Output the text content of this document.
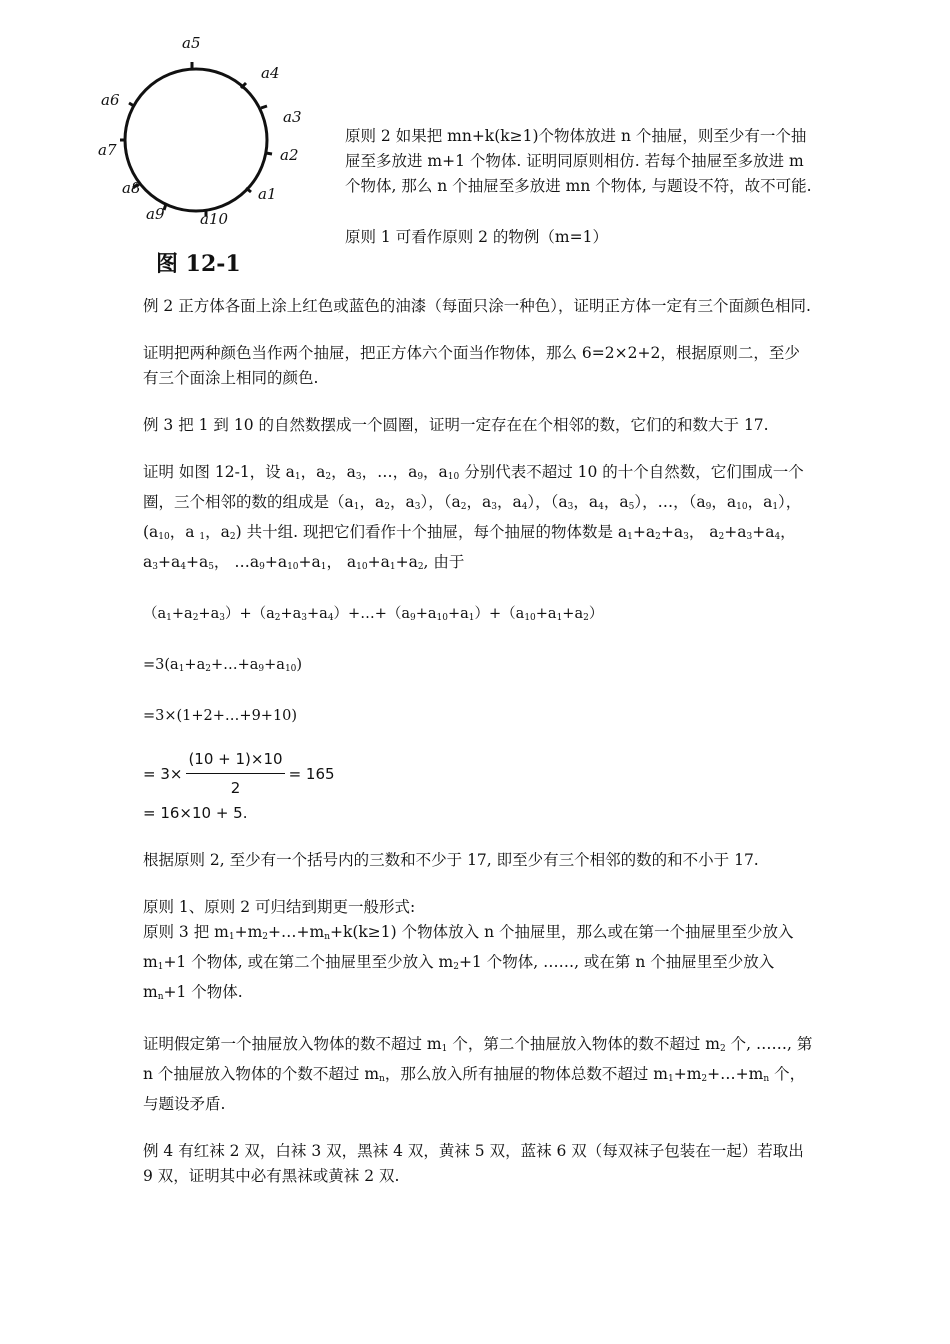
a5
a4
a3
a2
a1
a10
a9
a8
a7
a6
图 12-1

原则 2 如果把 mn+k(k≥1)个物体放进 n 个抽屉，则至少有一个抽屉至多放进 m+1 个物体. 证明同原则相仿. 若每个抽屉至多放进 m 个物体, 那么 n 个抽屉至多放进 mn 个物体, 与题设不符，故不可能.

原则 1 可看作原则 2 的物例（m=1）

例 2 正方体各面上涂上红色或蓝色的油漆（每面只涂一种色），证明正方体一定有三个面颜色相同.

证明把两种颜色当作两个抽屉，把正方体六个面当作物体，那么 6=2×2+2，根据原则二，至少有三个面涂上相同的颜色.

例 3 把 1 到 10 的自然数摆成一个圆圈，证明一定存在在个相邻的数，它们的和数大于 17.

证明 如图 12-1，设 $a_1$，$a_2$，$a_3$，…，$a_9$，$a_{10}$ 分别代表不超过 10 的十个自然数，它们围成一个圈，三个相邻的数的组成是（$a_1$，$a_2$，$a_3$），（$a_2$，$a_3$，$a_4$），（$a_3$，$a_4$，$a_5$），…，（$a_9$，$a_{10}$，$a_1$），($a_{10}$，a $_1$，$a_2$) 共十组. 现把它们看作十个抽屉，每个抽屉的物体数是 $a_1+a_2+a_3$， $a_2+a_3+a_4$， $a_3+a_4+a_5$， $\dots a_9+a_{10}+a_1$， $a_{10}+a_1+a_2$, 由于

$(a_1+a_2+a_3)+(a_2+a_3+a_4)+\dots+(a_9+a_{10}+a_1)+(a_{10}+a_1+a_2)$

$=3(a_1+a_2+\dots+a_9+a_{10})$

=3×(1+2+…+9+10)

= $3\times \frac{(10 + 1)\times 10}{2} = 165$

= 16×10 + 5.

根据原则 2, 至少有一个括号内的三数和不少于 17, 即至少有三个相邻的数的和不小于 17.

原则 1、原则 2 可归结到期更一般形式:

原则 3 把 $m_1+m_2+\dots+m_n+k(k\ge 1)$ 个物体放入 n 个抽屉里，那么或在第一个抽屉里至少放入 $m_1+1$ 个物体, 或在第二个抽屉里至少放入 $m_2+1$ 个物体, ……, 或在第 n 个抽屉里至少放入 $m_n+1$ 个物体.

证明假定第一个抽屉放入物体的数不超过 $m_1$ 个，第二个抽屉放入物体的数不超过 $m_2$ 个, ……, 第 n 个抽屉放入物体的个数不超过 $m_n$，那么放入所有抽屉的物体总数不超过 $m_1+m_2+\dots+m_n$ 个，与题设矛盾.

例 4 有红袜 2 双，白袜 3 双，黑袜 4 双，黄袜 5 双，蓝袜 6 双（每双袜子包装在一起）若取出 9 双，证明其中必有黑袜或黄袜 2 双.
